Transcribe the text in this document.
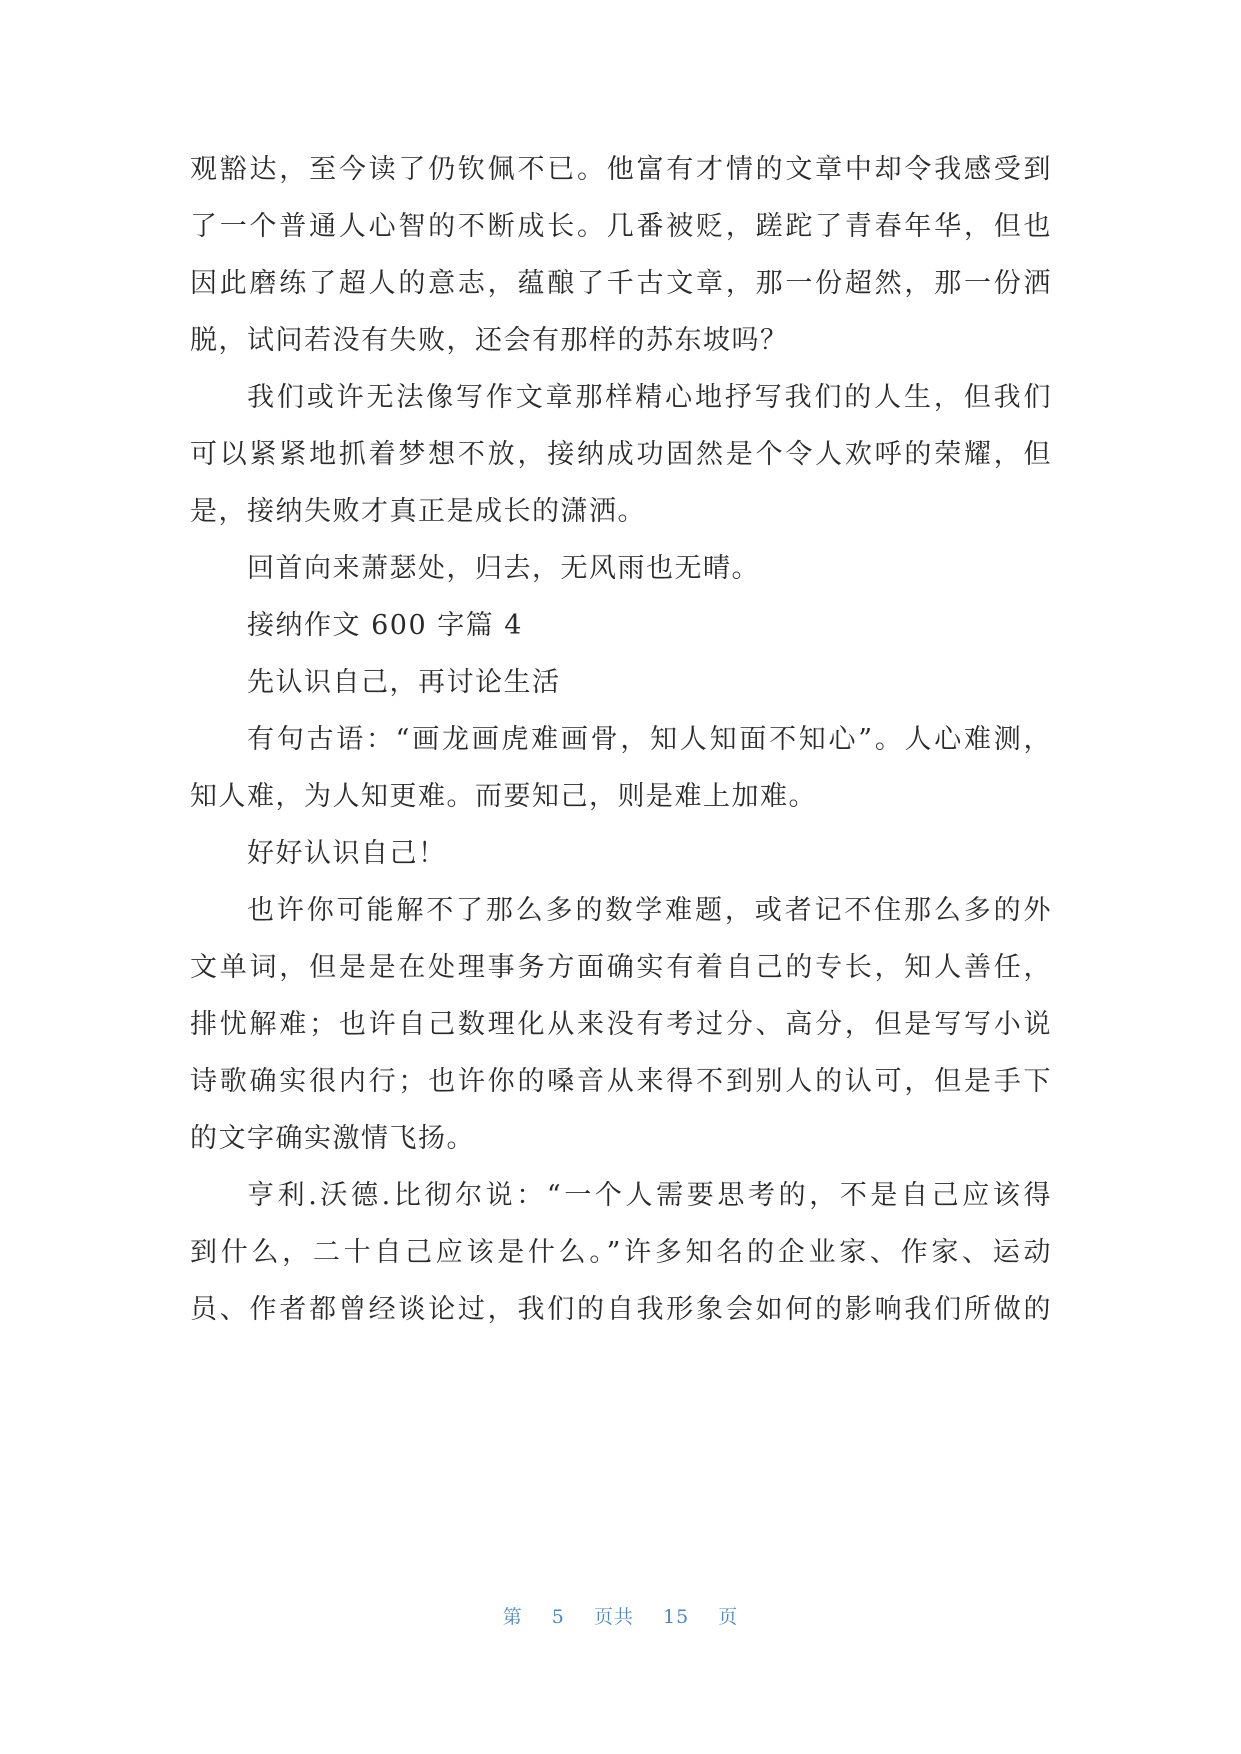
观豁达，至今读了仍钦佩不已。他富有才情的文章中却令我感受到
了一个普通人心智的不断成长。几番被贬，蹉跎了青春年华，但也
因此磨练了超人的意志，蕴酿了千古文章，那一份超然，那一份洒
脱，试问若没有失败，还会有那样的苏东坡吗？
我们或许无法像写作文章那样精心地抒写我们的人生，但我们
可以紧紧地抓着梦想不放，接纳成功固然是个令人欢呼的荣耀，但
是，接纳失败才真正是成长的潇洒。
回首向来萧瑟处，归去，无风雨也无晴。
接纳作文 600 字篇 4
先认识自己，再讨论生活
有句古语：“画龙画虎难画骨，知人知面不知心”。人心难测，
知人难，为人知更难。而要知己，则是难上加难。
好好认识自己！
也许你可能解不了那么多的数学难题，或者记不住那么多的外
文单词，但是是在处理事务方面确实有着自己的专长，知人善任，
排忧解难；也许自己数理化从来没有考过分、高分，但是写写小说
诗歌确实很内行；也许你的嗓音从来得不到别人的认可，但是手下
的文字确实激情飞扬。
亨利.沃德.比彻尔说：“一个人需要思考的，不是自己应该得
到什么，二十自己应该是什么。”许多知名的企业家、作家、运动
员、作者都曾经谈论过，我们的自我形象会如何的影响我们所做的
第 5 页共 15 页
